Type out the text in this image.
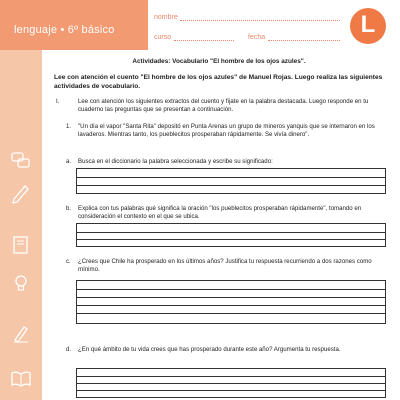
lenguaje • 6º básico
nombre
curso	fecha	L
Actividades: Vocabulario "El hombre de los ojos azules".
Lee con atención el cuento "El hombre de los ojos azules" de Manuel Rojas. Luego realiza las siguientes actividades de vocabulario.
I.	Lee con atención los siguientes extractos del cuento y fíjate en la palabra destacada. Luego responde en tu cuaderno las preguntas que se presentan a continuación.
1. "Un día el vapor "Santa Rita" depositó en Punta Arenas un grupo de mineros yanquis que se internaron en los lavaderos. Mientras tanto, los pueblecitos prosperaban rápidamente. Se vivía dinero".
a. Busca en el diccionario la palabra seleccionada y escribe su significado:
b. Explica con tus palabras qué significa la oración "los pueblecitos prosperaban rápidamente", tomando en consideración el contexto en el que se ubica.
c. ¿Crees que Chile ha prosperado en los últimos años? Justifica tu respuesta recurriendo a dos razones como mínimo.
d. ¿En qué ámbito de tu vida crees que has prosperado durante este año? Argumenta tu respuesta.
